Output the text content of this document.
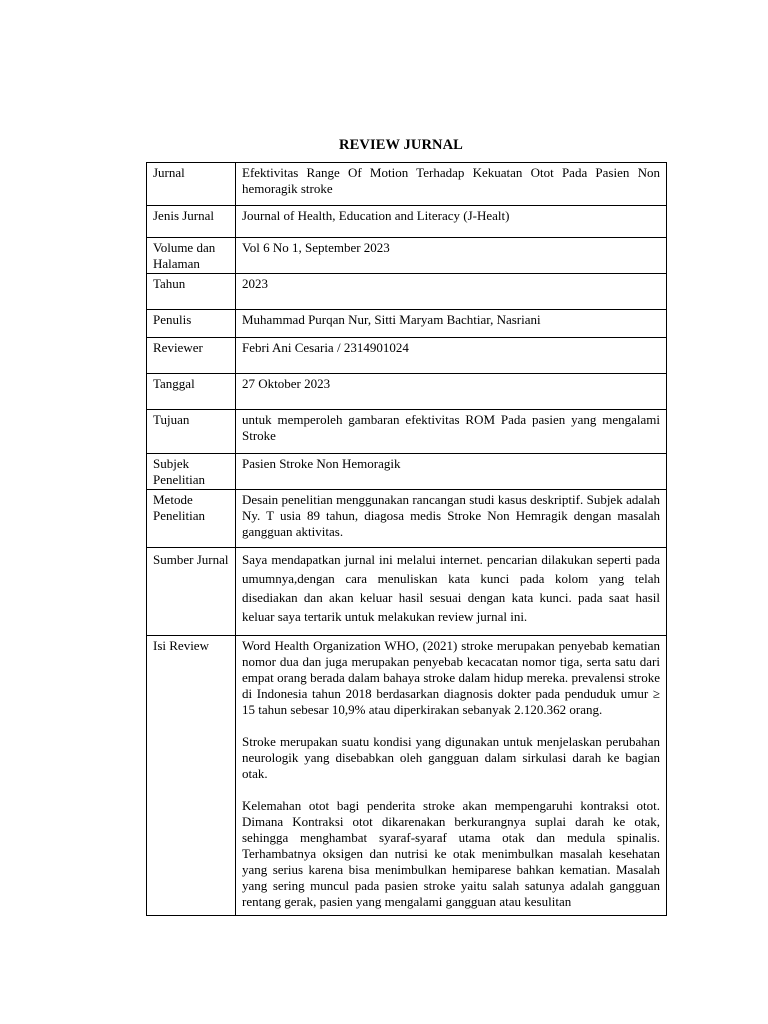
REVIEW JURNAL
Jurnal	Efektivitas Range Of Motion Terhadap Kekuatan Otot Pada Pasien Non hemoragik stroke

Jenis Jurnal	Journal of Health, Education and Literacy (J-Healt)
Volume dan Halaman	Vol 6 No 1, September 2023
Tahun	2023
Penulis	Muhammad Purqan Nur, Sitti Maryam Bachtiar, Nasriani
Reviewer	Febri Ani Cesaria / 2314901024
Tanggal	27 Oktober 2023
Tujuan	untuk memperoleh gambaran efektivitas ROM Pada pasien yang mengalami Stroke

Subjek Penelitian	Pasien Stroke Non Hemoragik
Metode Penelitian	Desain penelitian menggunakan rancangan studi kasus deskriptif. Subjek adalah Ny. T usia 89 tahun, diagosa medis Stroke Non Hemragik dengan masalah gangguan aktivitas.

Sumber Jurnal	Saya mendapatkan jurnal ini melalui internet. pencarian dilakukan seperti pada umumnya,dengan cara menuliskan kata kunci pada kolom yang telah disediakan dan akan keluar hasil sesuai dengan kata kunci. pada saat hasil keluar saya tertarik untuk melakukan review jurnal ini.

Isi Review	Word Health Organization WHO, (2021) stroke merupakan penyebab kematian nomor dua dan juga merupakan penyebab kecacatan nomor tiga, serta satu dari empat orang berada dalam bahaya stroke dalam hidup mereka. prevalensi stroke di Indonesia tahun 2018 berdasarkan diagnosis dokter pada penduduk umur ≥ 15 tahun sebesar 10,9% atau diperkirakan sebanyak 2.120.362 orang.
Stroke merupakan suatu kondisi yang digunakan untuk menjelaskan perubahan neurologik yang disebabkan oleh gangguan dalam sirkulasi darah ke bagian otak.
Kelemahan otot bagi penderita stroke akan mempengaruhi kontraksi otot. Dimana Kontraksi otot dikarenakan berkurangnya suplai darah ke otak, sehingga menghambat syaraf-syaraf utama otak dan medula spinalis. Terhambatnya oksigen dan nutrisi ke otak menimbulkan masalah kesehatan yang serius karena bisa menimbulkan hemiparese bahkan kematian. Masalah yang sering muncul pada pasien stroke yaitu salah satunya adalah gangguan rentang gerak, pasien yang mengalami gangguan atau kesulitan
